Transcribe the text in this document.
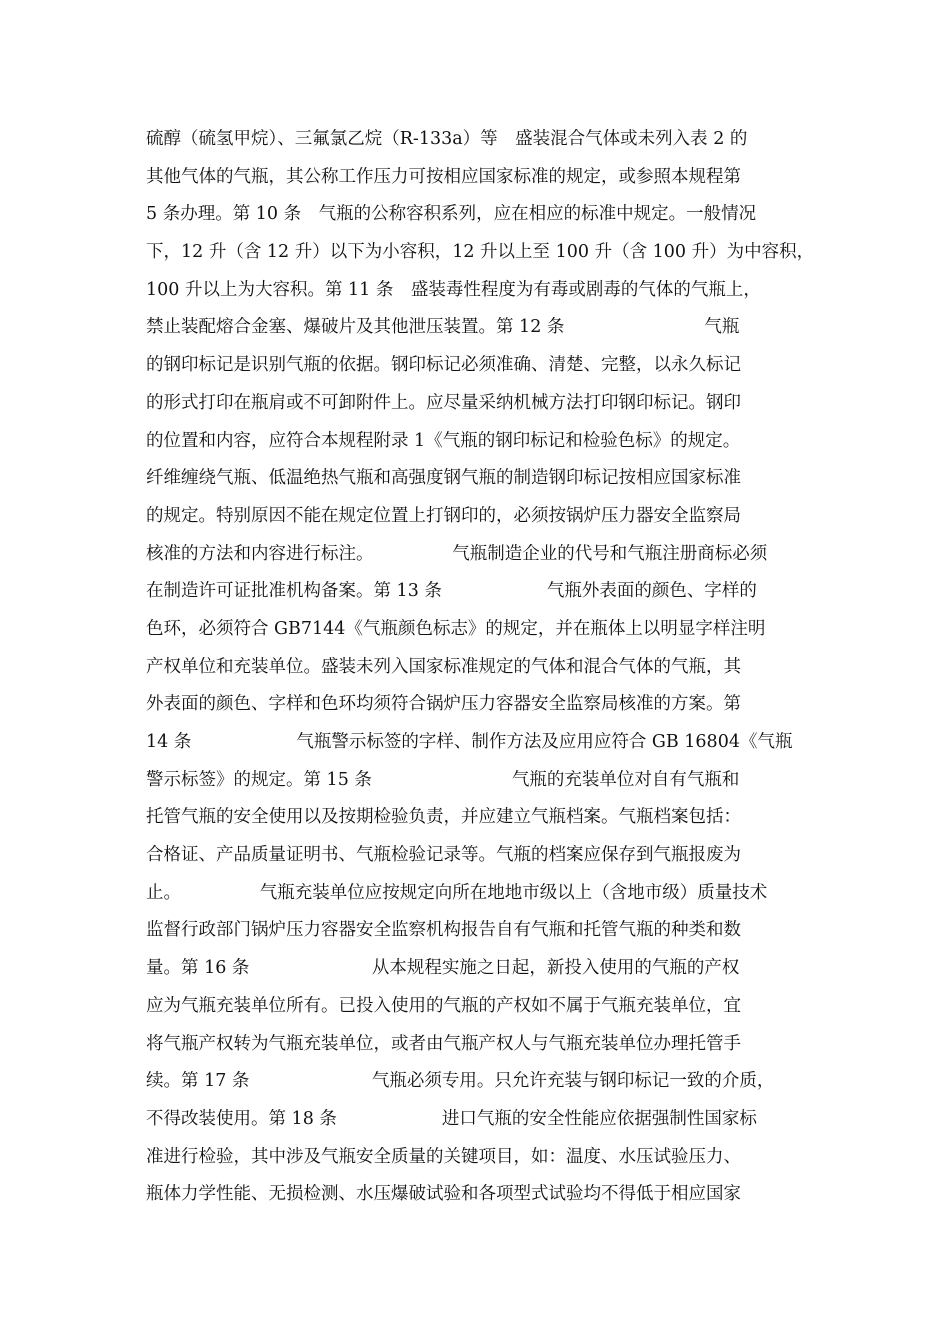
硫醇（硫氢甲烷）、三氟氯乙烷（R-133a）等　盛装混合气体或未列入表 2 的
其他气体的气瓶，其公称工作压力可按相应国家标准的规定，或参照本规程第
5 条办理。第 10 条　气瓶的公称容积系列，应在相应的标准中规定。一般情况
下，12 升（含 12 升）以下为小容积，12 升以上至 100 升（含 100 升）为中容积，
100 升以上为大容积。第 11 条　盛装毒性程度为有毒或剧毒的气体的气瓶上，
禁止装配熔合金塞、爆破片及其他泄压装置。第 12 条　　　　　　　　气瓶
的钢印标记是识别气瓶的依据。钢印标记必须准确、清楚、完整，以永久标记
的形式打印在瓶肩或不可卸附件上。应尽量采纳机械方法打印钢印标记。钢印
的位置和内容，应符合本规程附录 1《气瓶的钢印标记和检验色标》的规定。
纤维缠绕气瓶、低温绝热气瓶和高强度钢气瓶的制造钢印标记按相应国家标准
的规定。特别原因不能在规定位置上打钢印的，必须按锅炉压力器安全监察局
核准的方法和内容进行标注。　　　　　气瓶制造企业的代号和气瓶注册商标必须
在制造许可证批准机构备案。第 13 条　　　　　　气瓶外表面的颜色、字样的
色环，必须符合 GB7144《气瓶颜色标志》的规定，并在瓶体上以明显字样注明
产权单位和充装单位。盛装未列入国家标准规定的气体和混合气体的气瓶，其
外表面的颜色、字样和色环均须符合锅炉压力容器安全监察局核准的方案。第
14 条　　　　　　气瓶警示标签的字样、制作方法及应用应符合 GB 16804《气瓶
警示标签》的规定。第 15 条　　　　　　　　气瓶的充装单位对自有气瓶和
托管气瓶的安全使用以及按期检验负责，并应建立气瓶档案。气瓶档案包括：
合格证、产品质量证明书、气瓶检验记录等。气瓶的档案应保存到气瓶报废为
止。　　　　　气瓶充装单位应按规定向所在地地市级以上（含地市级）质量技术
监督行政部门锅炉压力容器安全监察机构报告自有气瓶和托管气瓶的种类和数
量。第 16 条　　　　　　　从本规程实施之日起，新投入使用的气瓶的产权
应为气瓶充装单位所有。已投入使用的气瓶的产权如不属于气瓶充装单位，宜
将气瓶产权转为气瓶充装单位，或者由气瓶产权人与气瓶充装单位办理托管手
续。第 17 条　　　　　　　气瓶必须专用。只允许充装与钢印标记一致的介质，
不得改装使用。第 18 条　　　　　　进口气瓶的安全性能应依据强制性国家标
准进行检验，其中涉及气瓶安全质量的关键项目，如：温度、水压试验压力、
瓶体力学性能、无损检测、水压爆破试验和各项型式试验均不得低于相应国家
